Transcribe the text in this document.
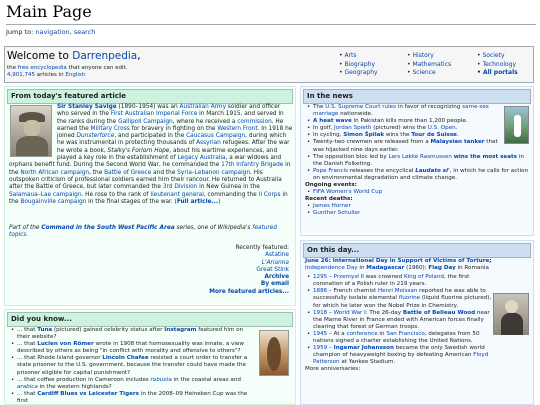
Main Page
Jump to: navigation, search
Welcome to Darrenpedia,
the free encyclopedia that anyone can edit.
4,901,745 articles in English
• Arts
• Biography
• Geography
• History
• Mathematics
• Science
• Society
• Technology
• All portals
From today's featured article
Sir Stanley Savige (1890–1954) was an Australian Army soldier and officer who served in the First Australian Imperial Force in March 1915, and served in the ranks during the Gallipoli Campaign, where he received a commission. He earned the Military Cross for bravery in fighting on the Western Front. In 1918 he joined Dunsterforce, and participated in the Caucasus Campaign, during which he was instrumental in protecting thousands of Assyrian refugees. After the war he wrote a book, Stalky's Forlorn Hope, about his wartime experiences, and played a key role in the establishment of Legacy Australia, a war widows and orphans benefit fund. During the Second World War, he commanded the 17th Infantry Brigade in the North African campaign, the Battle of Greece and the Syria–Lebanon campaign. His outspoken criticism of professional soldiers earned him their rancour. He returned to Australia after the Battle of Greece, but later commanded the 3rd Division in New Guinea in the Salamaua–Lae campaign. He rose to the rank of lieutenant general, commanding the II Corps in the Bougainville campaign in the final stages of the war. (Full article...)
Part of the Command in the South West Pacific Area series, one of Wikipedia's featured topics.
Recently featured:
Astatine
L'Arianna
Great Stink
Archive
By email
More featured articles...
In the news
• The U.S. Supreme Court rules in favor of recognizing same-sex marriage nationwide.
• A heat wave in Pakistan kills more than 1,200 people.
• In golf, Jordan Spieth (pictured) wins the U.S. Open.
• In cycling, Simon Špilak wins the Tour de Suisse.
• Twenty-two crewmen are released from a Malaysian tanker that was hijacked nine days earlier.
• The opposition bloc led by Lars Løkke Rasmussen wins the most seats in the Danish Folketing.
• Pope Francis releases the encyclical Laudato si', in which he calls for action on environmental degradation and climate change.
Ongoing events:
• FIFA Women's World Cup
Recent deaths:
• James Horner
• Gunther Schuller
On this day...
June 26: International Day in Support of Victims of Torture; Independence Day in Madagascar (1960); Flag Day in Romania
• 1295 – Przemysł II was crowned King of Poland, the first coronation of a Polish ruler in 219 years.
• 1886 – French chemist Henri Moissan reported he was able to successfully isolate elemental fluorine (liquid fluorine pictured), for which he later won the Nobel Prize in Chemistry.
• 1918 – World War I: The 26-day Battle of Belleau Wood near the Marne River in France ended with American forces finally clearing that forest of German troops.
• 1945 – At a conference in San Francisco, delegates from 50 nations signed a charter establishing the United Nations.
• 1959 – Ingemar Johansson became the only Swedish world champion of heavyweight boxing by defeating American Floyd Patterson at Yankee Stadium.
More anniversaries:
Did you know...
• ... that Tuna (pictured) gained celebrity status after Instagram featured him on their website?
• ... that Lucien von Römer wrote in 1908 that homosexuality was innate, a view described by others as being "in conflict with morality and offensive to others"?
• ... that Rhode Island governor Lincoln Chafee resisted a court order to transfer a state prisoner to the U.S. government, because the transfer could have made the prisoner eligible for capital punishment?
• ... that coffee production in Cameroon includes robusta in the coastal areas and arabica in the western highlands?
• ... that Cardiff Blues vs Leicester Tigers in the 2008–09 Heineken Cup was the first
